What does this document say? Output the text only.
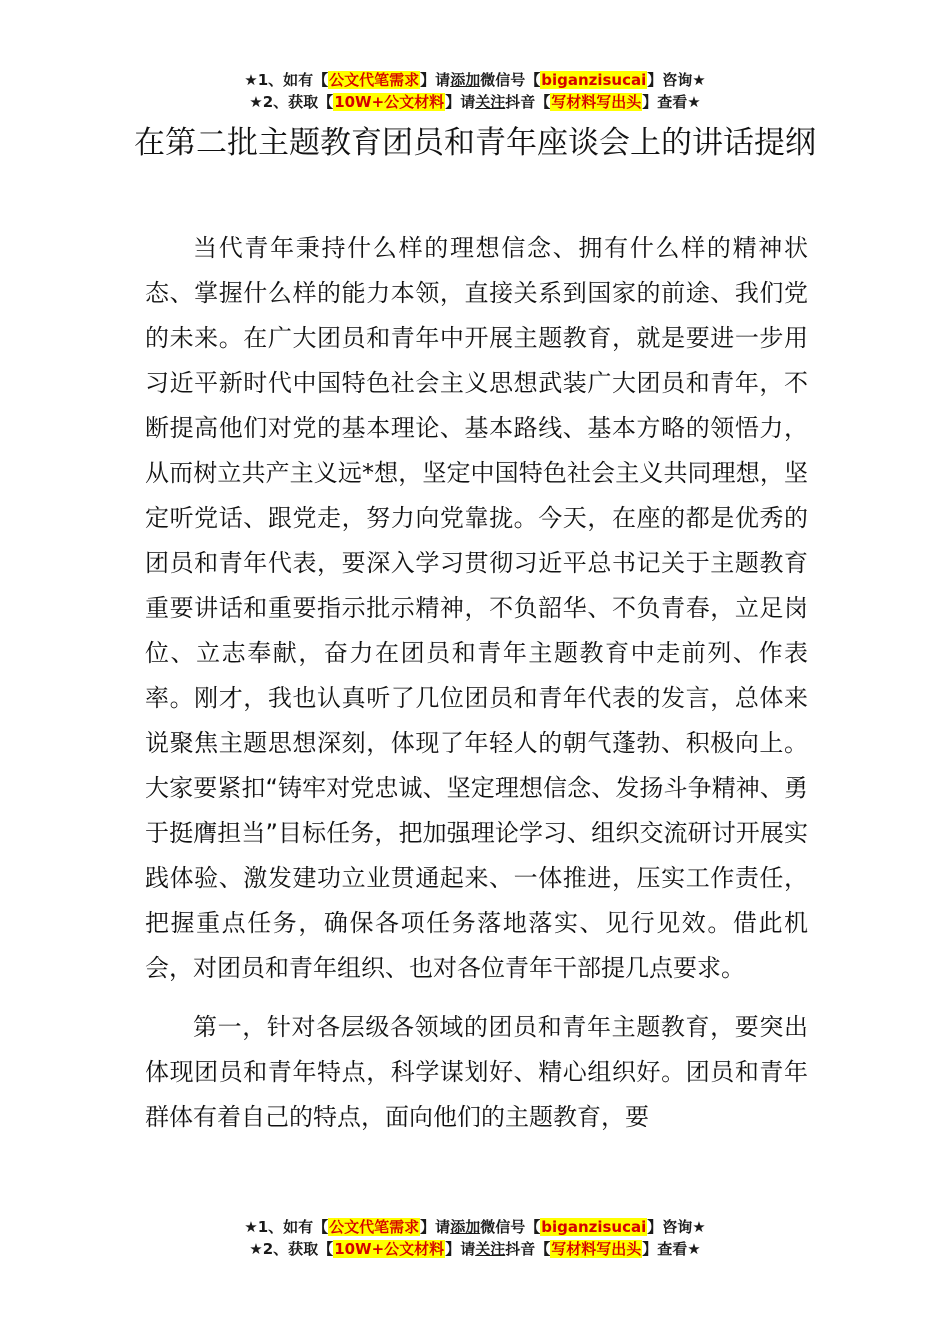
★1、如有【公文代笔需求】请添加微信号【biganzisucai】咨询★
★2、获取【10W+公文材料】请关注抖音【写材料写出头】查看★
在第二批主题教育团员和青年座谈会上的讲话提纲

当代青年秉持什么样的理想信念、拥有什么样的精神状态、掌握什么样的能力本领，直接关系到国家的前途、我们党的未来。在广大团员和青年中开展主题教育，就是要进一步用习近平新时代中国特色社会主义思想武装广大团员和青年，不断提高他们对党的基本理论、基本路线、基本方略的领悟力，从而树立共产主义远*想，坚定中国特色社会主义共同理想，坚定听党话、跟党走，努力向党靠拢。今天，在座的都是优秀的团员和青年代表，要深入学习贯彻习近平总书记关于主题教育重要讲话和重要指示批示精神，不负韶华、不负青春，立足岗位、立志奉献，奋力在团员和青年主题教育中走前列、作表率。刚才，我也认真听了几位团员和青年代表的发言，总体来说聚焦主题思想深刻，体现了年轻人的朝气蓬勃、积极向上。大家要紧扣“铸牢对党忠诚、坚定理想信念、发扬斗争精神、勇于挺膺担当”目标任务，把加强理论学习、组织交流研讨开展实践体验、激发建功立业贯通起来、一体推进，压实工作责任，把握重点任务，确保各项任务落地落实、见行见效。借此机会，对团员和青年组织、也对各位青年干部提几点要求。

第一，针对各层级各领域的团员和青年主题教育，要突出体现团员和青年特点，科学谋划好、精心组织好。团员和青年群体有着自己的特点，面向他们的主题教育，要

★1、如有【公文代笔需求】请添加微信号【biganzisucai】咨询★
★2、获取【10W+公文材料】请关注抖音【写材料写出头】查看★
